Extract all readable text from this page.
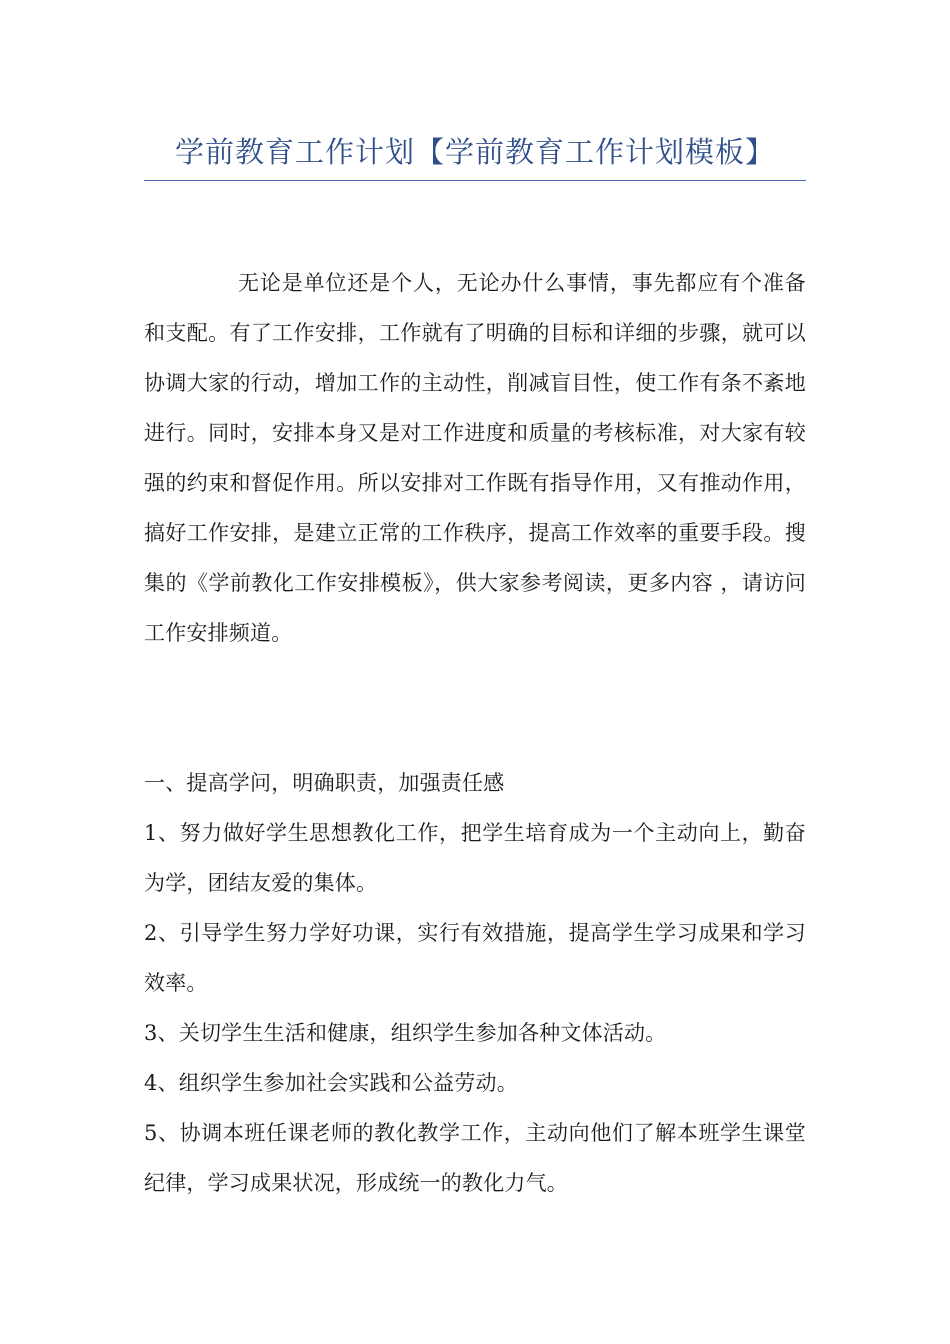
学前教育工作计划【学前教育工作计划模板】

无论是单位还是个人，无论办什么事情，事先都应有个准备和支配。有了工作安排，工作就有了明确的目标和详细的步骤，就可以协调大家的行动，增加工作的主动性，削减盲目性，使工作有条不紊地进行。同时，安排本身又是对工作进度和质量的考核标准，对大家有较强的约束和督促作用。所以安排对工作既有指导作用，又有推动作用，搞好工作安排，是建立正常的工作秩序，提高工作效率的重要手段。搜集的《学前教化工作安排模板》，供大家参考阅读，更多内容 ，请访问工作安排频道。

一、提高学问，明确职责，加强责任感

1、努力做好学生思想教化工作，把学生培育成为一个主动向上，勤奋为学，团结友爱的集体。

2、引导学生努力学好功课，实行有效措施，提高学生学习成果和学习效率。

3、关切学生生活和健康，组织学生参加各种文体活动。

4、组织学生参加社会实践和公益劳动。

5、协调本班任课老师的教化教学工作，主动向他们了解本班学生课堂纪律，学习成果状况，形成统一的教化力气。
